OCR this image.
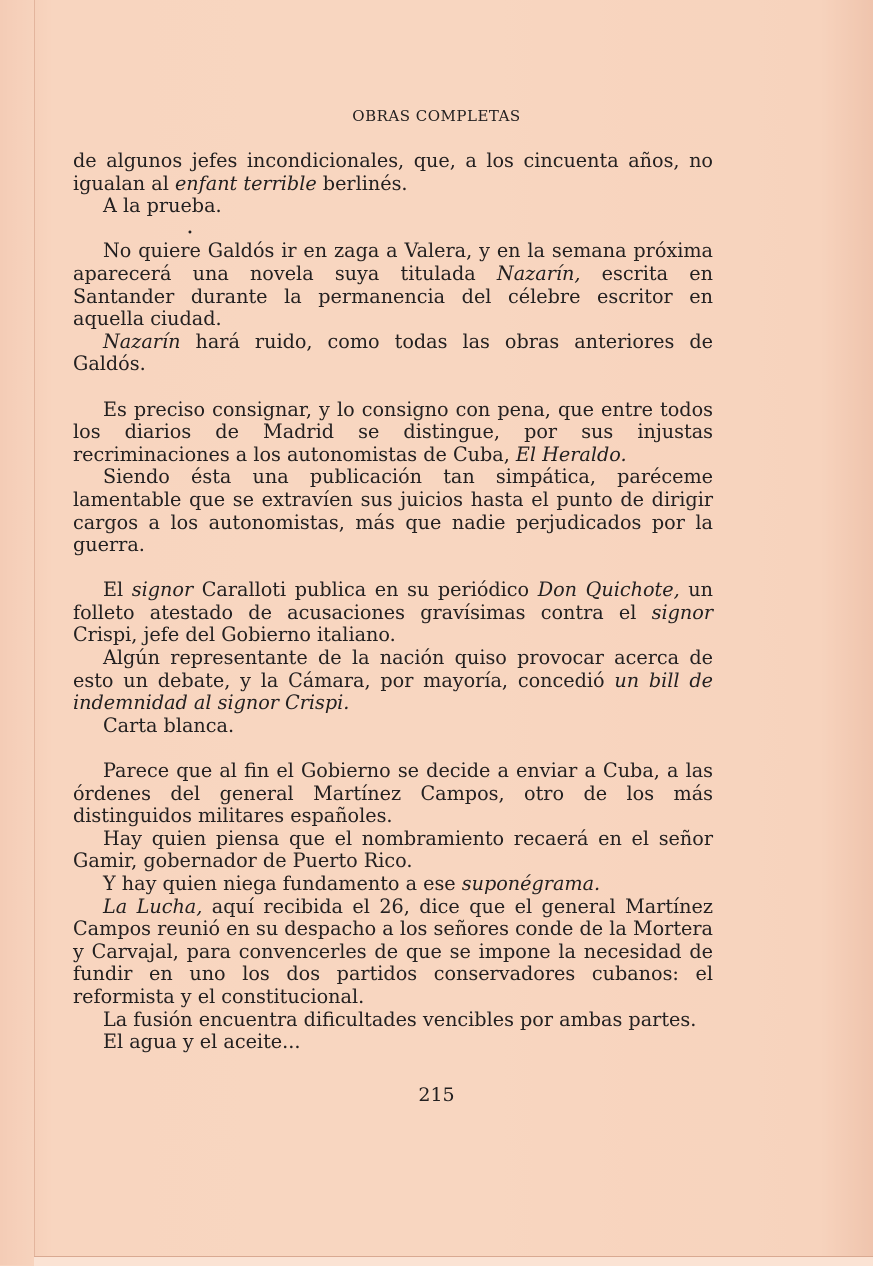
OBRAS COMPLETAS

de algunos jefes incondicionales, que, a los cincuenta años, no igualan al enfant terrible berlinés.

A la prueba.

•

No quiere Galdós ir en zaga a Valera, y en la semana próxima aparecerá una novela suya titulada Nazarín, escrita en Santander durante la permanencia del célebre escritor en aquella ciudad.

Nazarín hará ruido, como todas las obras anteriores de Galdós.

Es preciso consignar, y lo consigno con pena, que entre todos los diarios de Madrid se distingue, por sus injustas recriminaciones a los autonomistas de Cuba, El Heraldo.

Siendo ésta una publicación tan simpática, paréceme lamentable que se extravíen sus juicios hasta el punto de dirigir cargos a los autonomistas, más que nadie perjudicados por la guerra.

El signor Caralloti publica en su periódico Don Quichote, un folleto atestado de acusaciones gravísimas contra el signor Crispi, jefe del Gobierno italiano.

Algún representante de la nación quiso provocar acerca de esto un debate, y la Cámara, por mayoría, concedió un bill de indemnidad al signor Crispi.

Carta blanca.

Parece que al fin el Gobierno se decide a enviar a Cuba, a las órdenes del general Martínez Campos, otro de los más distinguidos militares españoles.

Hay quien piensa que el nombramiento recaerá en el señor Gamir, gobernador de Puerto Rico.

Y hay quien niega fundamento a ese suponégrama.

La Lucha, aquí recibida el 26, dice que el general Martínez Campos reunió en su despacho a los señores conde de la Mortera y Carvajal, para convencerles de que se impone la necesidad de fundir en uno los dos partidos conservadores cubanos: el reformista y el constitucional.

La fusión encuentra dificultades vencibles por ambas partes.

El agua y el aceite...

215
